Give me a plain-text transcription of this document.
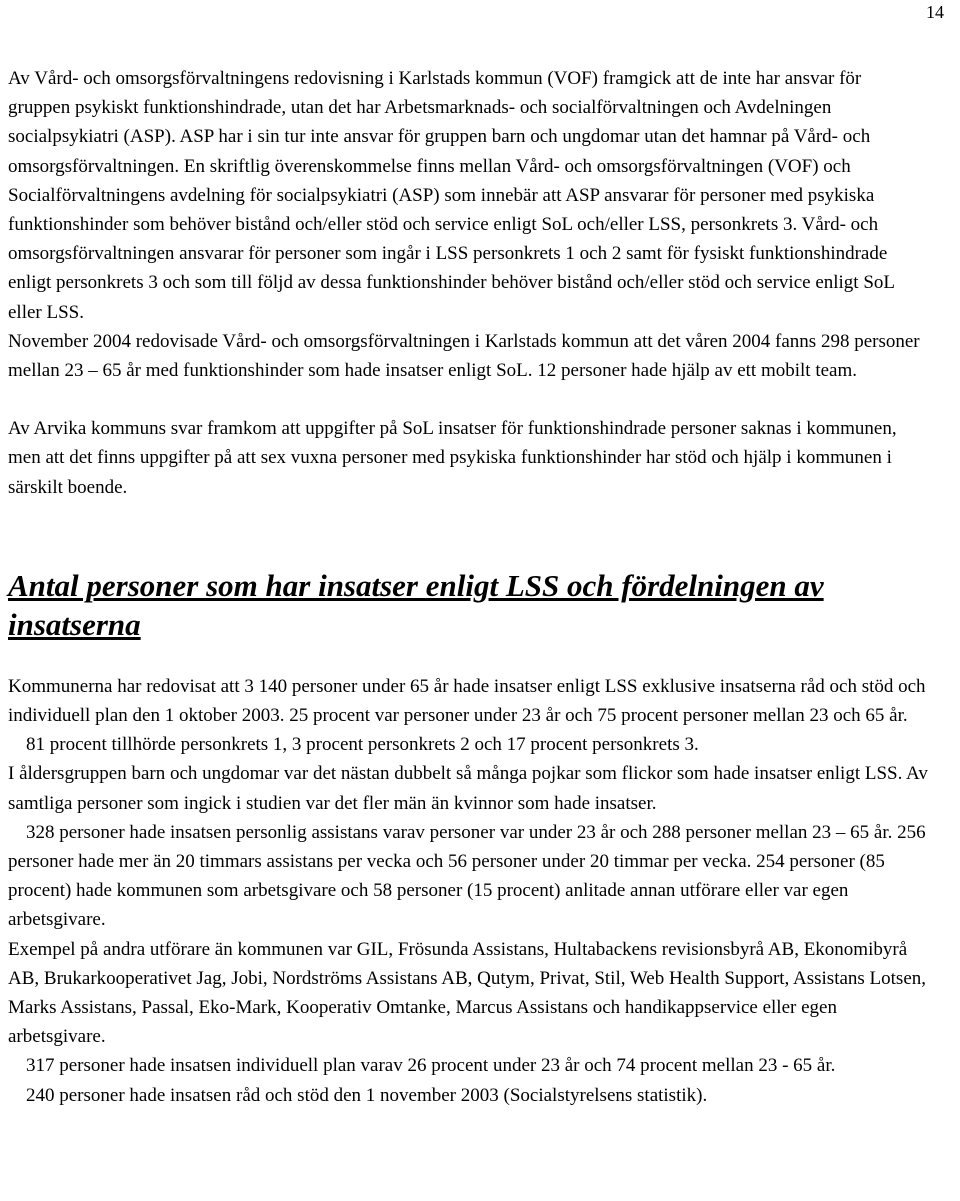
14

Av Vård- och omsorgsförvaltningens redovisning i Karlstads kommun (VOF) framgick att de inte har ansvar för gruppen psykiskt funktionshindrade, utan det har Arbetsmarknads- och socialförvaltningen och Avdelningen socialpsykiatri (ASP). ASP har i sin tur inte ansvar för gruppen barn och ungdomar utan det hamnar på Vård- och omsorgsförvaltningen. En skriftlig överenskommelse finns mellan Vård- och omsorgsförvaltningen (VOF) och Socialförvaltningens avdelning för socialpsykiatri (ASP) som innebär att ASP ansvarar för personer med psykiska funktionshinder som behöver bistånd och/eller stöd och service enligt SoL och/eller LSS, personkrets 3. Vård- och omsorgsförvaltningen ansvarar för personer som ingår i LSS personkrets 1 och 2 samt för fysiskt funktionshindrade enligt personkrets 3 och som till följd av dessa funktionshinder behöver bistånd och/eller stöd och service enligt SoL eller LSS.
November 2004 redovisade Vård- och omsorgsförvaltningen i Karlstads kommun att det våren 2004 fanns 298 personer mellan 23 – 65 år med funktionshinder som hade insatser enligt SoL. 12 personer hade hjälp av ett mobilt team.

Av Arvika kommuns svar framkom att uppgifter på SoL insatser för funktionshindrade personer saknas i kommunen, men att det finns uppgifter på att sex vuxna personer med psykiska funktionshinder har stöd och hjälp i kommunen i särskilt boende.

Antal personer som har insatser enligt LSS och fördelningen av insatserna

Kommunerna har redovisat att 3 140 personer under 65 år hade insatser enligt LSS exklusive insatserna råd och stöd och individuell plan den 1 oktober 2003. 25 procent var personer under 23 år och 75 procent personer mellan 23 och 65 år.

81 procent tillhörde personkrets 1, 3 procent personkrets 2 och 17 procent personkrets 3.

I åldersgruppen barn och ungdomar var det nästan dubbelt så många pojkar som flickor som hade insatser enligt LSS. Av samtliga personer som ingick i studien var det fler män än kvinnor som hade insatser.

328 personer hade insatsen personlig assistans varav personer var under 23 år och 288 personer mellan 23 – 65 år. 256 personer hade mer än 20 timmars assistans per vecka och 56 personer under 20 timmar per vecka. 254 personer (85 procent) hade kommunen som arbetsgivare och 58 personer (15 procent) anlitade annan utförare eller var egen arbetsgivare.

Exempel på andra utförare än kommunen var GIL, Frösunda Assistans, Hultabackens revisionsbyrå AB, Ekonomibyrå AB, Brukarkooperativet Jag, Jobi, Nordströms Assistans AB, Qutym, Privat, Stil, Web Health Support, Assistans Lotsen, Marks Assistans, Passal, Eko-Mark, Kooperativ Omtanke, Marcus Assistans och handikappservice eller egen arbetsgivare.

317 personer hade insatsen individuell plan varav 26 procent under 23 år och 74 procent mellan 23 - 65 år.

240 personer hade insatsen råd och stöd den 1 november 2003 (Socialstyrelsens statistik).
